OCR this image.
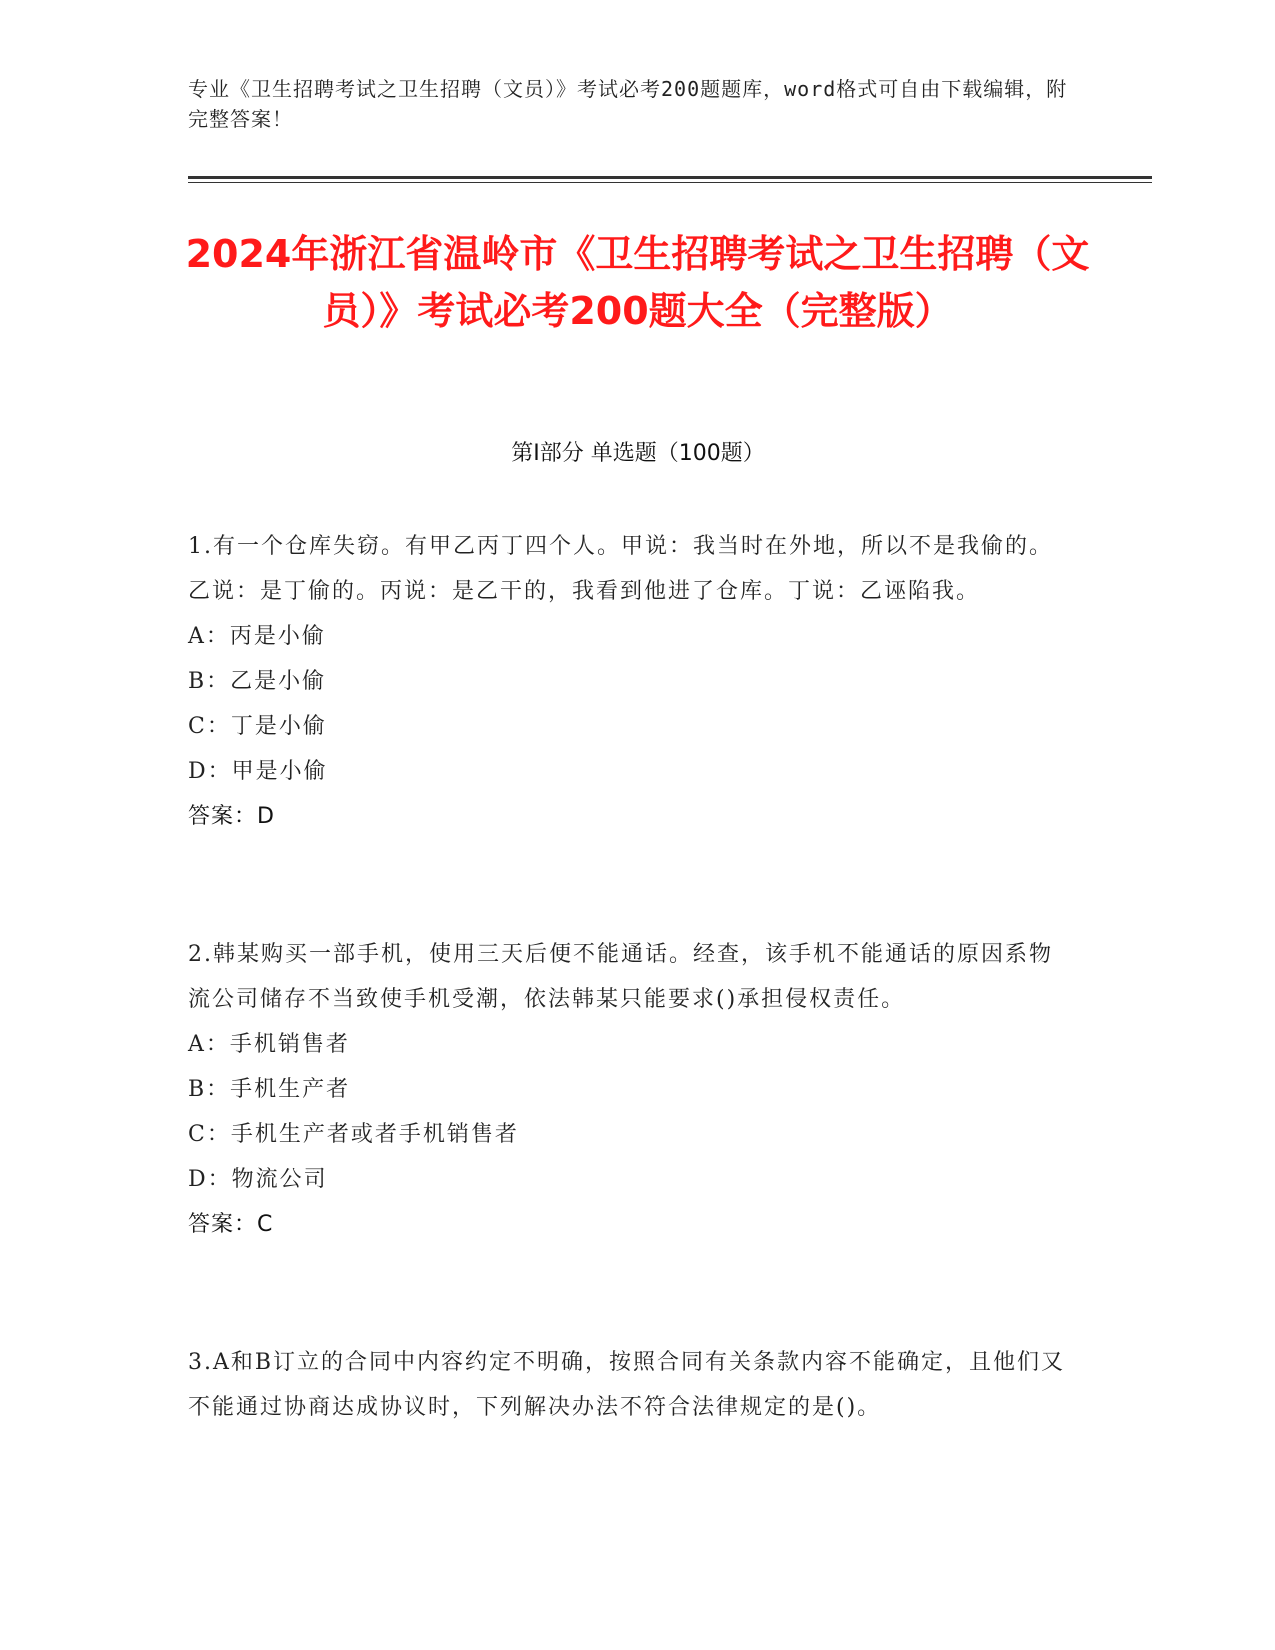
专业《卫生招聘考试之卫生招聘（文员）》考试必考200题题库，word格式可自由下载编辑，附完整答案！
2024年浙江省温岭市《卫生招聘考试之卫生招聘（文员）》考试必考200题大全（完整版）
第I部分 单选题（100题）

1.有一个仓库失窃。有甲乙丙丁四个人。甲说：我当时在外地，所以不是我偷的。乙说：是丁偷的。丙说：是乙干的，我看到他进了仓库。丁说：乙诬陷我。

A：丙是小偷

B：乙是小偷

C：丁是小偷

D：甲是小偷

答案：D

2.韩某购买一部手机，使用三天后便不能通话。经查，该手机不能通话的原因系物流公司储存不当致使手机受潮，依法韩某只能要求()承担侵权责任。

A：手机销售者

B：手机生产者

C：手机生产者或者手机销售者

D：物流公司

答案：C

3.A和B订立的合同中内容约定不明确，按照合同有关条款内容不能确定，且他们又不能通过协商达成协议时，下列解决办法不符合法律规定的是()。
